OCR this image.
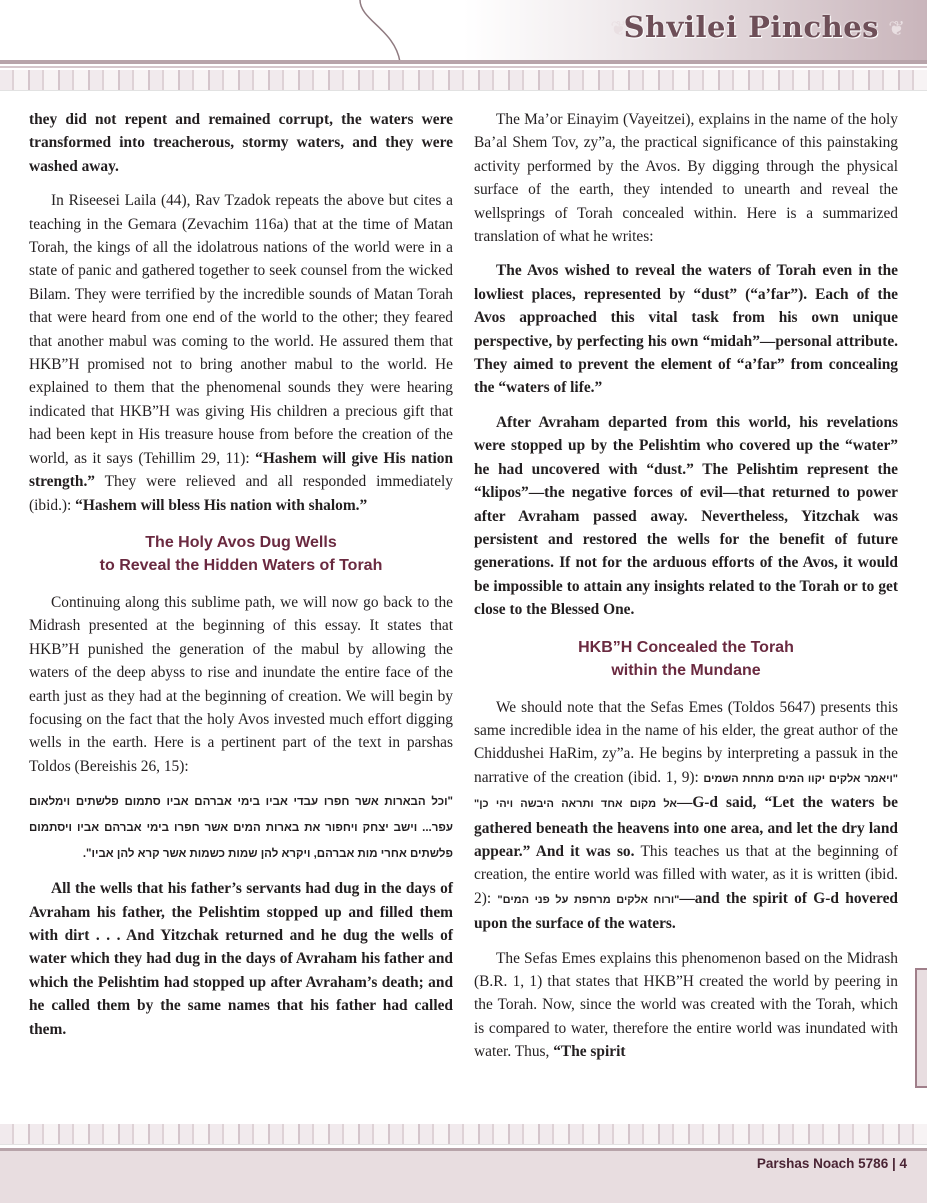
❦
Shvilei Pinches ❦

they did not repent and remained corrupt, the waters were transformed into treacherous, stormy waters, and they were washed away.

In Riseesei Laila (44), Rav Tzadok repeats the above but cites a teaching in the Gemara (Zevachim 116a) that at the time of Matan Torah, the kings of all the idolatrous nations of the world were in a state of panic and gathered together to seek counsel from the wicked Bilam. They were terrified by the incredible sounds of Matan Torah that were heard from one end of the world to the other; they feared that another mabul was coming to the world. He assured them that HKB”H promised not to bring another mabul to the world. He explained to them that the phenomenal sounds they were hearing indicated that HKB”H was giving His children a precious gift that had been kept in His treasure house from before the creation of the world, as it says (Tehillim 29, 11): “Hashem will give His nation strength.” They were relieved and all responded immediately (ibid.): “Hashem will bless His nation with shalom.”

The Holy Avos Dug Wells
to Reveal the Hidden Waters of Torah

Continuing along this sublime path, we will now go back to the Midrash presented at the beginning of this essay. It states that HKB”H punished the generation of the mabul by allowing the waters of the deep abyss to rise and inundate the entire face of the earth just as they had at the beginning of creation. We will begin by focusing on the fact that the holy Avos invested much effort digging wells in the earth. Here is a pertinent part of the text in parshas Toldos (Bereishis 26, 15):

"וכל הבארות אשר חפרו עבדי אביו בימי אברהם אביו סתמום פלשתים וימלאום עפר... וישב יצחק ויחפור את בארות המים אשר חפרו בימי אברהם אביו ויסתמום פלשתים אחרי מות אברהם, ויקרא להן שמות כשמות אשר קרא להן אביו".

All the wells that his father’s servants had dug in the days of Avraham his father, the Pelishtim stopped up and filled them with dirt . . . And Yitzchak returned and he dug the wells of water which they had dug in the days of Avraham his father and which the Pelishtim had stopped up after Avraham’s death; and he called them by the same names that his father had called them.

The Ma’or Einayim (Vayeitzei), explains in the name of the holy Ba’al Shem Tov, zy”a, the practical significance of this painstaking activity performed by the Avos. By digging through the physical surface of the earth, they intended to unearth and reveal the wellsprings of Torah concealed within. Here is a summarized translation of what he writes:

The Avos wished to reveal the waters of Torah even in the lowliest places, represented by “dust” (“a’far”). Each of the Avos approached this vital task from his own unique perspective, by perfecting his own “midah”—personal attribute. They aimed to prevent the element of “a’far” from concealing the “waters of life.”

After Avraham departed from this world, his revelations were stopped up by the Pelishtim who covered up the “water” he had uncovered with “dust.” The Pelishtim represent the “klipos”—the negative forces of evil—that returned to power after Avraham passed away. Nevertheless, Yitzchak was persistent and restored the wells for the benefit of future generations. If not for the arduous efforts of the Avos, it would be impossible to attain any insights related to the Torah or to get close to the Blessed One.

HKB”H Concealed the Torah
within the Mundane

We should note that the Sefas Emes (Toldos 5647) presents this same incredible idea in the name of his elder, the great author of the Chiddushei HaRim, zy”a. He begins by interpreting a passuk in the narrative of the creation (ibid. 1, 9): "ויאמר אלקים יקוו המים מתחת השמים אל מקום אחד ותראה היבשה ויהי כן"—G-d said, “Let the waters be gathered beneath the heavens into one area, and let the dry land appear.” And it was so. This teaches us that at the beginning of creation, the entire world was filled with water, as it is written (ibid. 2): "ורוח אלקים מרחפת על פני המים"—and the spirit of G-d hovered upon the surface of the waters.

The Sefas Emes explains this phenomenon based on the Midrash (B.R. 1, 1) that states that HKB”H created the world by peering in the Torah. Now, since the world was created with the Torah, which is compared to water, therefore the entire world was inundated with water. Thus, “The spirit

Parshas Noach 5786 | 4
